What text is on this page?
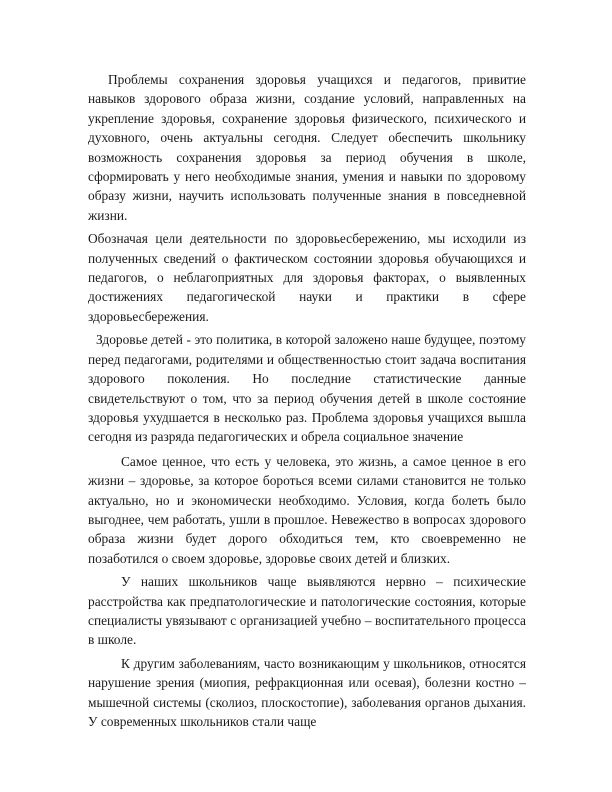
Проблемы сохранения здоровья учащихся и педагогов, привитие навыков здорового образа жизни, создание условий, направленных на укрепление здоровья, сохранение здоровья физического, психического и духовного, очень актуальны сегодня. Следует обеспечить школьнику возможность сохранения здоровья за период обучения в школе, сформировать у него необходимые знания, умения и навыки по здоровому образу жизни, научить использовать полученные знания в повседневной жизни.

Обозначая цели деятельности по здоровьесбережению, мы исходили из полученных сведений о фактическом состоянии здоровья обучающихся и педагогов, о неблагоприятных для здоровья факторах, о выявленных достижениях педагогической науки и практики в сфере здоровьесбережения.

Здоровье детей - это политика, в которой заложено наше будущее, поэтому перед педагогами, родителями и общественностью стоит задача воспитания здорового поколения. Но последние статистические данные свидетельствуют о том, что за период обучения детей в школе состояние здоровья ухудшается в несколько раз. Проблема здоровья учащихся вышла сегодня из разряда педагогических и обрела социальное значение

Самое ценное, что есть у человека, это жизнь, а самое ценное в его жизни – здоровье, за которое бороться всеми силами становится не только актуально, но и экономически необходимо. Условия, когда болеть было выгоднее, чем работать, ушли в прошлое. Невежество в вопросах здорового образа жизни будет дорого обходиться тем, кто своевременно не позаботился о своем здоровье, здоровье своих детей и близких.

У наших школьников чаще выявляются нервно – психические расстройства как предпатологические и патологические состояния, которые специалисты увязывают с организацией учебно – воспитательного процесса в школе.

К другим заболеваниям, часто возникающим у школьников, относятся нарушение зрения (миопия, рефракционная или осевая), болезни костно – мышечной системы (сколиоз, плоскостопие), заболевания органов дыхания. У современных школьников стали чаще
